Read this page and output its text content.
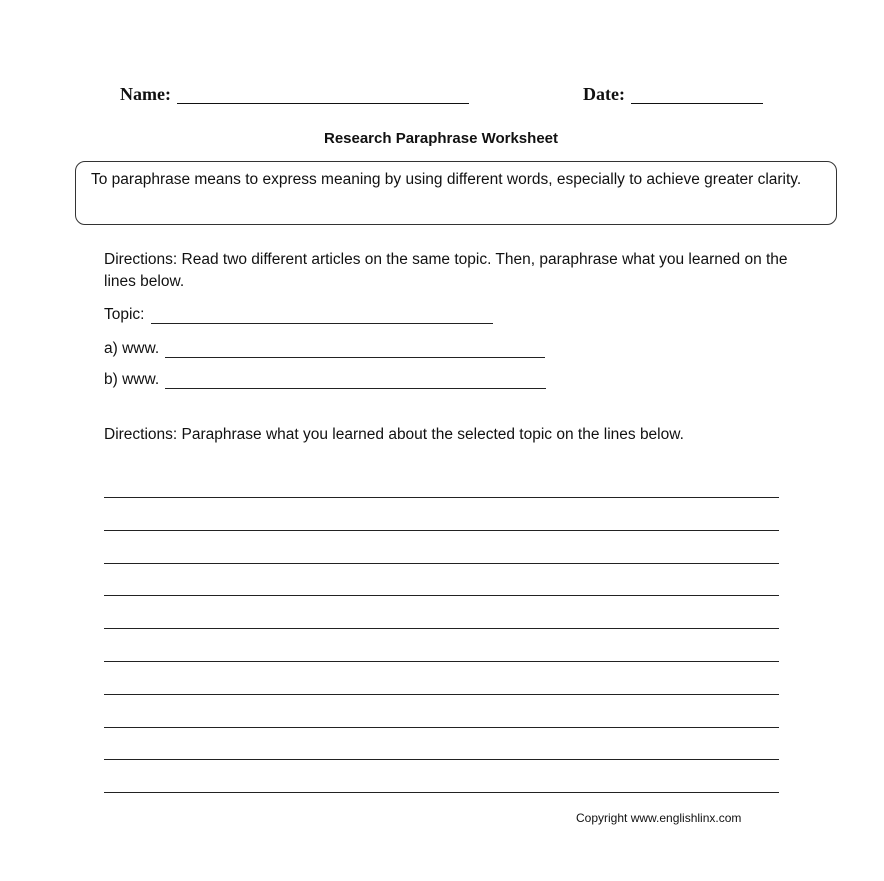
Name:	Date:
Research Paraphrase Worksheet
To paraphrase means to express meaning by using different words, especially to achieve greater clarity.
Directions: Read two different articles on the same topic. Then, paraphrase what you learned on the lines below.
Topic:
a) www.
b) www.
Directions: Paraphrase what you learned about the selected topic on the lines below.
Copyright www.englishlinx.com
